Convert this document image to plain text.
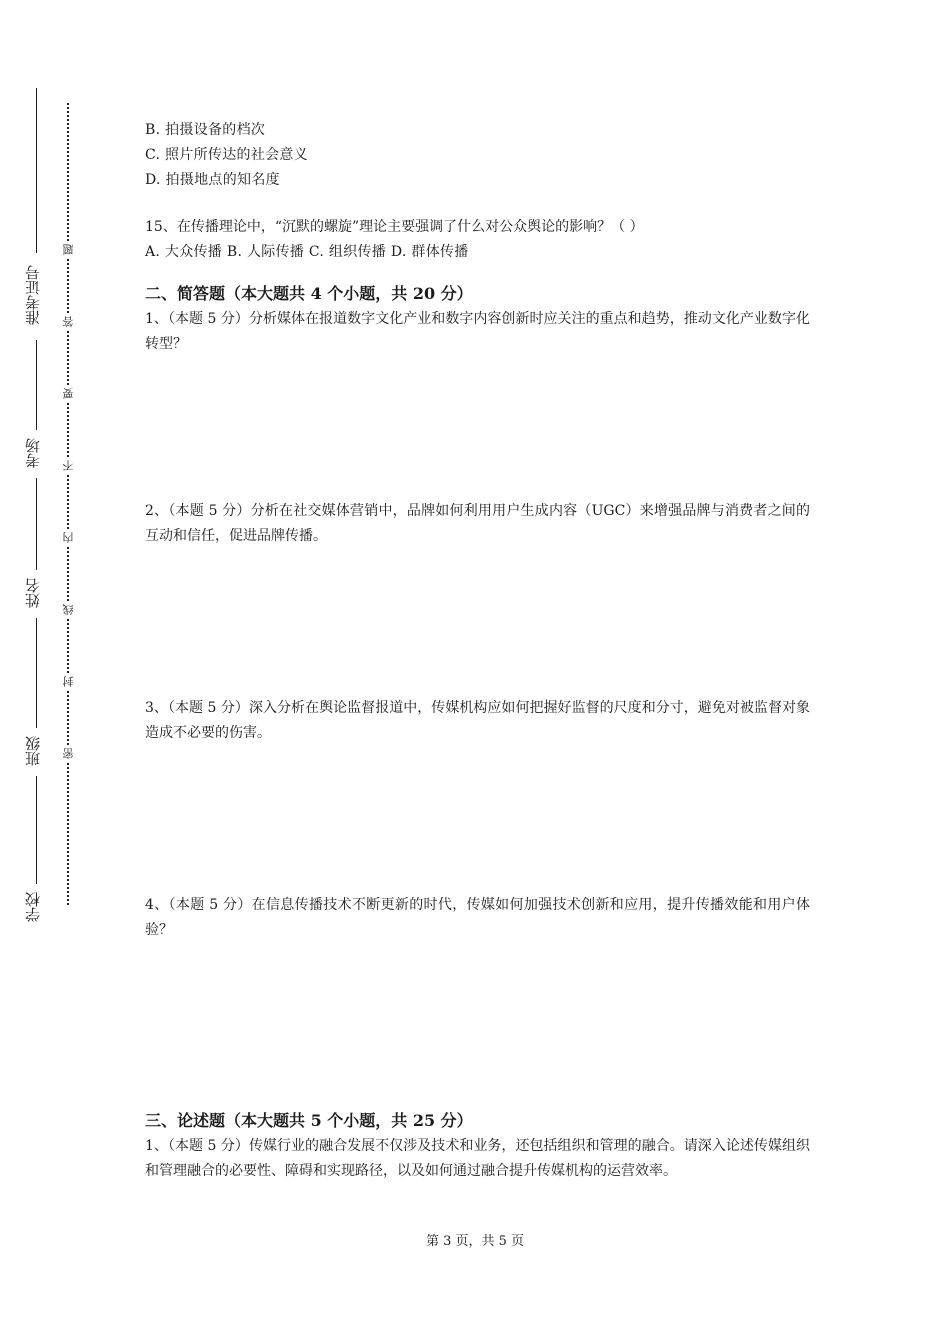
准考证号
考场
姓名
班级
学校
题
答
要
不
内
线
封
密

B. 拍摄设备的档次

C. 照片所传达的社会意义

D. 拍摄地点的知名度

15、在传播理论中，“沉默的螺旋”理论主要强调了什么对公众舆论的影响？（ ）

A. 大众传播 B. 人际传播 C. 组织传播 D. 群体传播

二、简答题（本大题共 4 个小题，共 20 分）

1、（本题 5 分）分析媒体在报道数字文化产业和数字内容创新时应关注的重点和趋势，推动文化产业数字化转型？

2、（本题 5 分）分析在社交媒体营销中，品牌如何利用用户生成内容（UGC）来增强品牌与消费者之间的互动和信任，促进品牌传播。

3、（本题 5 分）深入分析在舆论监督报道中，传媒机构应如何把握好监督的尺度和分寸，避免对被监督对象造成不必要的伤害。

4、（本题 5 分）在信息传播技术不断更新的时代，传媒如何加强技术创新和应用，提升传播效能和用户体验？

三、论述题（本大题共 5 个小题，共 25 分）

1、（本题 5 分）传媒行业的融合发展不仅涉及技术和业务，还包括组织和管理的融合。请深入论述传媒组织和管理融合的必要性、障碍和实现路径，以及如何通过融合提升传媒机构的运营效率。

第 3 页，共 5 页
